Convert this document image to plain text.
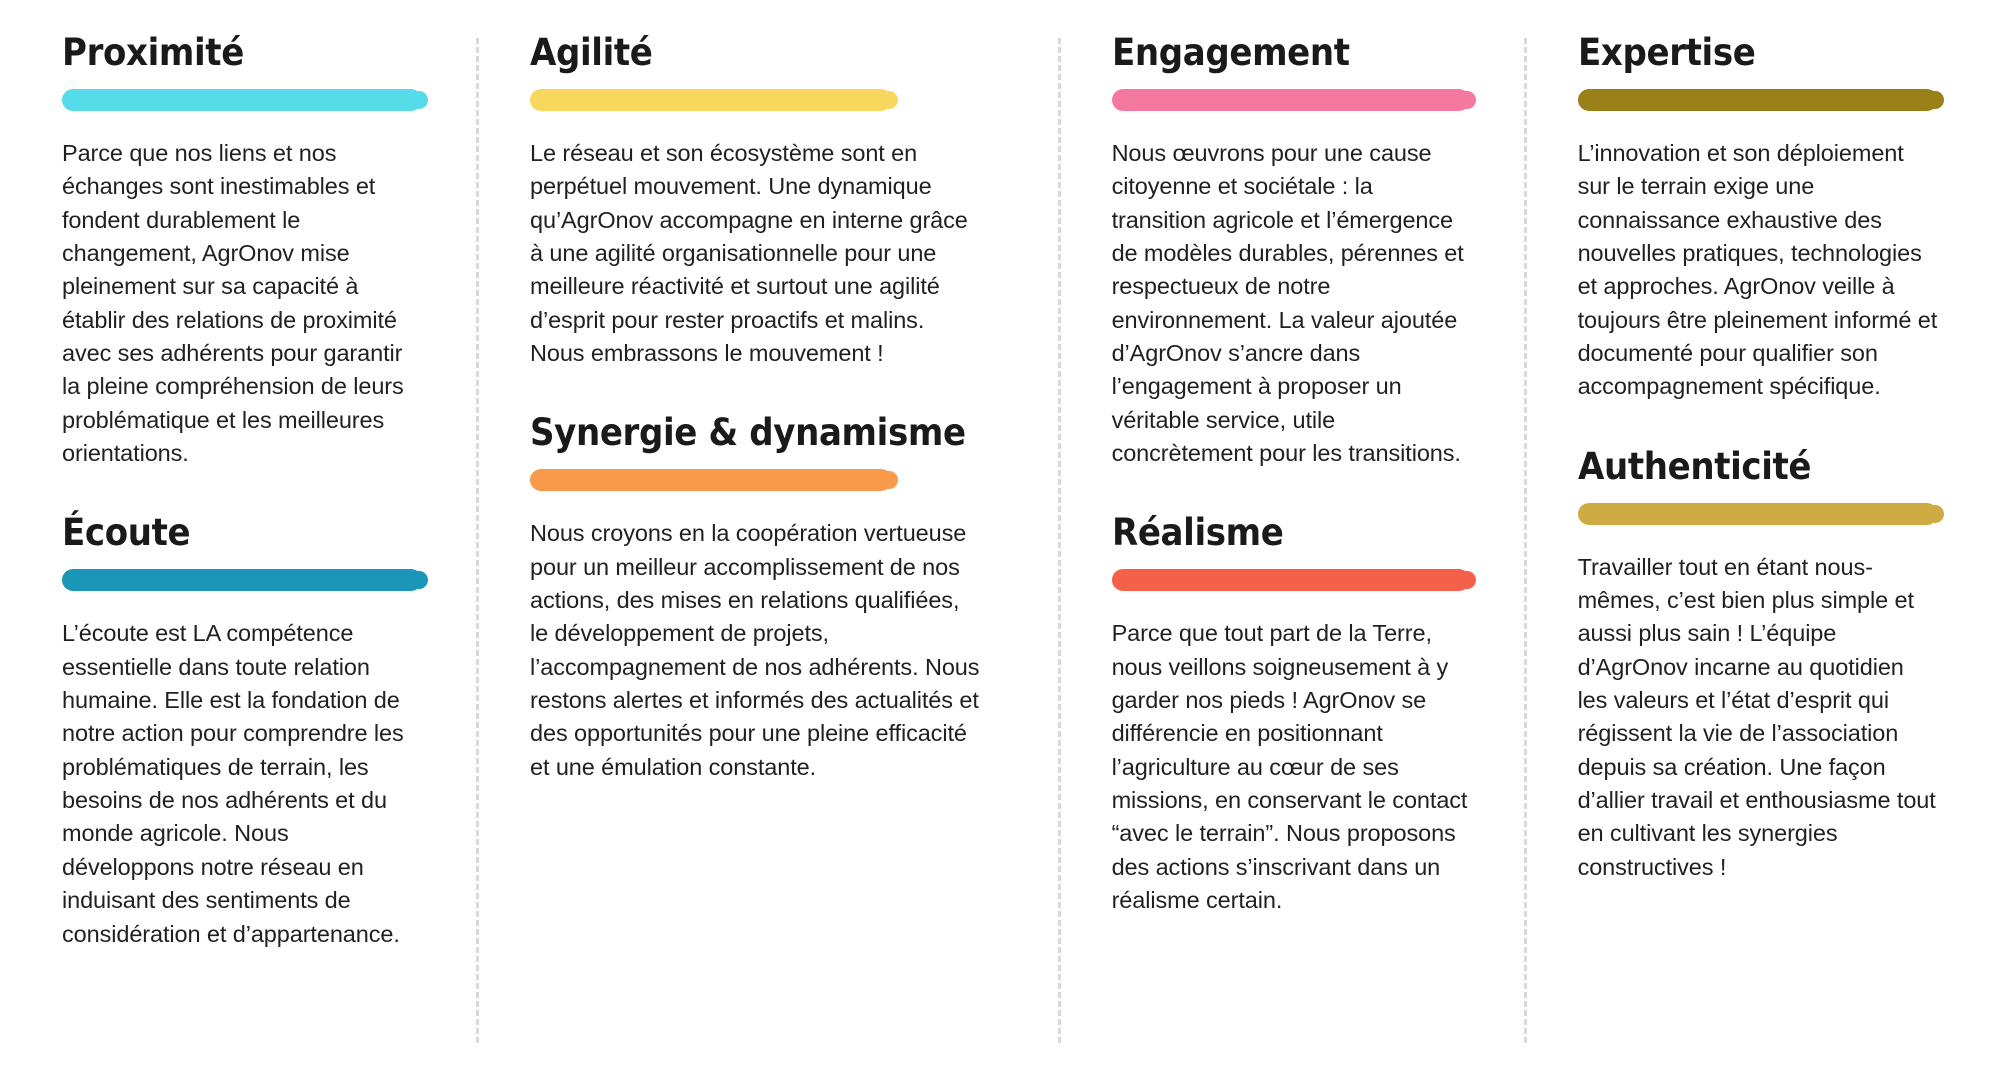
Proximité

Parce que nos liens et nos échanges sont inestimables et fondent durablement le changement, AgrOnov mise pleinement sur sa capacité à établir des relations de proximité avec ses adhérents pour garantir la pleine compréhension de leurs problématique et les meilleures orientations.

Écoute

L’écoute est LA compétence essentielle dans toute relation humaine. Elle est la fondation de notre action pour comprendre les problématiques de terrain, les besoins de nos adhérents et du monde agricole. Nous développons notre réseau en induisant des sentiments de considération et d’appartenance.

Agilité

Le réseau et son écosystème sont en perpétuel mouvement. Une dynamique qu’AgrOnov accompagne en interne grâce à une agilité organisationnelle pour une meilleure réactivité et surtout une agilité d’esprit pour rester proactifs et malins. Nous embrassons le mouvement !

Synergie & dynamisme

Nous croyons en la coopération vertueuse pour un meilleur accomplissement de nos actions, des mises en relations qualifiées, le développement de projets, l’accompagnement de nos adhérents. Nous restons alertes et informés des actualités et des opportunités pour une pleine efficacité et une émulation constante.

Engagement

Nous œuvrons pour une cause citoyenne et sociétale : la transition agricole et l’émergence de modèles durables, pérennes et respectueux de notre environnement. La valeur ajoutée d’AgrOnov s’ancre dans l’engagement à proposer un véritable service, utile concrètement pour les transitions.

Réalisme

Parce que tout part de la Terre, nous veillons soigneusement à y garder nos pieds ! AgrOnov se différencie en positionnant l’agriculture au cœur de ses missions, en conservant le contact “avec le terrain”. Nous proposons des actions s’inscrivant dans un réalisme certain.

Expertise

L’innovation et son déploiement sur le terrain exige une connaissance exhaustive des nouvelles pratiques, technologies et approches. AgrOnov veille à toujours être pleinement informé et documenté pour qualifier son accompagnement spécifique.

Authenticité

Travailler tout en étant nous-mêmes, c’est bien plus simple et aussi plus sain ! L’équipe d’AgrOnov incarne au quotidien les valeurs et l’état d’esprit qui régissent la vie de l’association depuis sa création. Une façon d’allier travail et enthousiasme tout en cultivant les synergies constructives !
